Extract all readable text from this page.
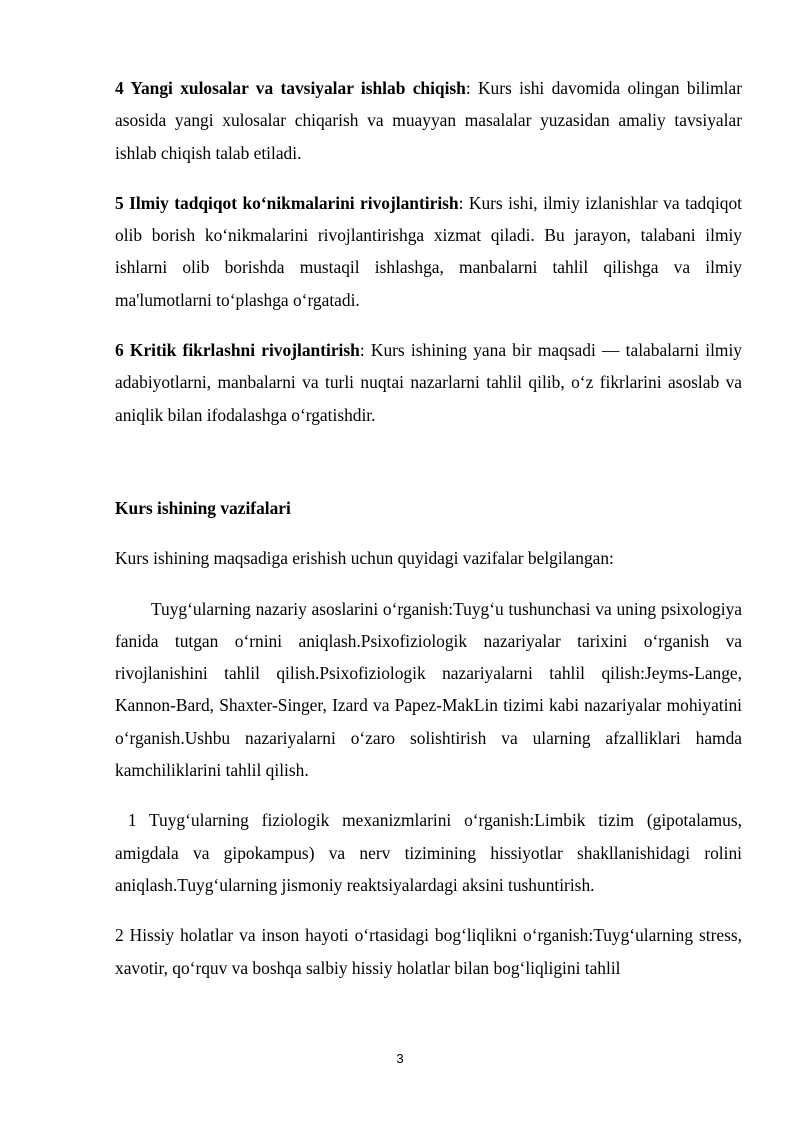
4 Yangi xulosalar va tavsiyalar ishlab chiqish: Kurs ishi davomida olingan bilimlar asosida yangi xulosalar chiqarish va muayyan masalalar yuzasidan amaliy tavsiyalar ishlab chiqish talab etiladi.

5 Ilmiy tadqiqot ko‘nikmalarini rivojlantirish: Kurs ishi, ilmiy izlanishlar va tadqiqot olib borish ko‘nikmalarini rivojlantirishga xizmat qiladi. Bu jarayon, talabani ilmiy ishlarni olib borishda mustaqil ishlashga, manbalarni tahlil qilishga va ilmiy ma'lumotlarni to‘plashga o‘rgatadi.

6 Kritik fikrlashni rivojlantirish: Kurs ishining yana bir maqsadi — talabalarni ilmiy adabiyotlarni, manbalarni va turli nuqtai nazarlarni tahlil qilib, o‘z fikrlarini asoslab va aniqlik bilan ifodalashga o‘rgatishdir.

Kurs ishining vazifalari

Kurs ishining maqsadiga erishish uchun quyidagi vazifalar belgilangan:

Tuyg‘ularning nazariy asoslarini o‘rganish:Tuyg‘u tushunchasi va uning psixologiya fanida tutgan o‘rnini aniqlash.Psixofiziologik nazariyalar tarixini o‘rganish va rivojlanishini tahlil qilish.Psixofiziologik nazariyalarni tahlil qilish:Jeyms-Lange, Kannon-Bard, Shaxter-Singer, Izard va Papez-MakLin tizimi kabi nazariyalar mohiyatini o‘rganish.Ushbu nazariyalarni o‘zaro solishtirish va ularning afzalliklari hamda kamchiliklarini tahlil qilish.

1 Tuyg‘ularning fiziologik mexanizmlarini o‘rganish:Limbik tizim (gipotalamus, amigdala va gipokampus) va nerv tizimining hissiyotlar shakllanishidagi rolini aniqlash.Tuyg‘ularning jismoniy reaktsiyalardagi aksini tushuntirish.

2 Hissiy holatlar va inson hayoti o‘rtasidagi bog‘liqlikni o‘rganish:Tuyg‘ularning stress, xavotir, qo‘rquv va boshqa salbiy hissiy holatlar bilan bog‘liqligini tahlil

3
